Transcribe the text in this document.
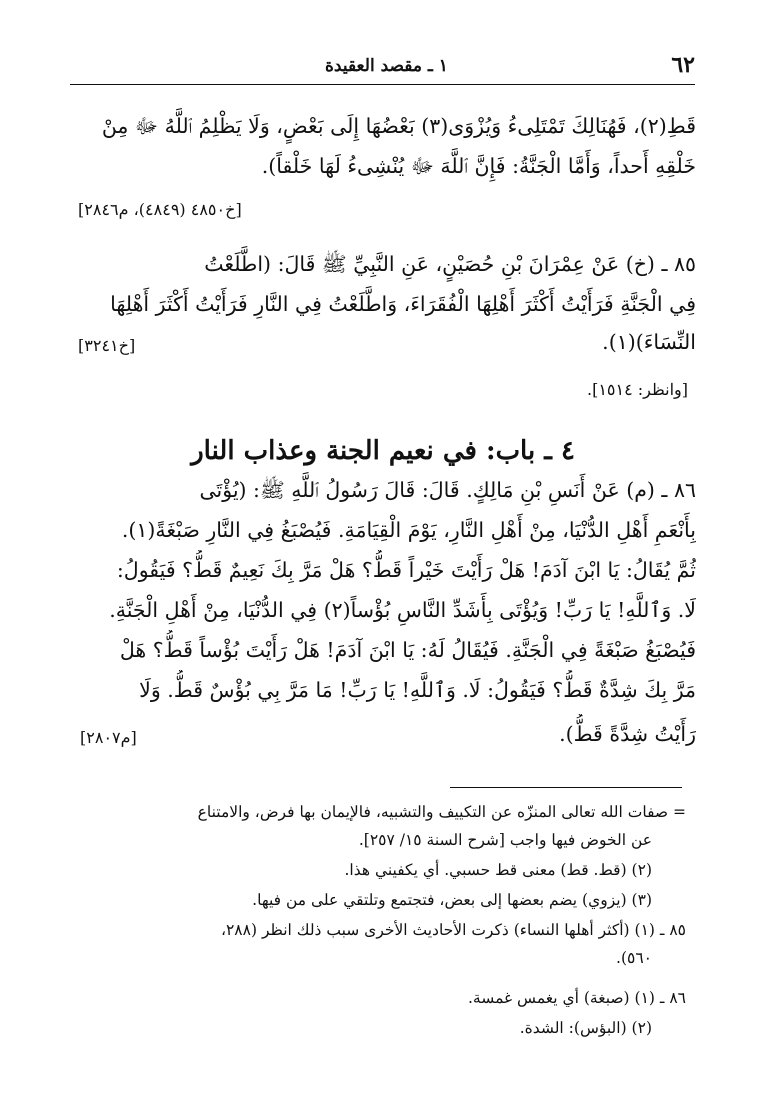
٦٢
١ ـ مقصد العقيدة
قَطِ(٢)، فَهُنَالِكَ تَمْتَلِىءُ وَيُزْوَى(٣) بَعْضُهَا إِلَى بَعْضٍ، وَلَا يَظْلِمُ ٱللَّهُ ﷻ مِنْ
خَلْقِهِ أَحداً، وَأَمَّا الْجَنَّةُ: فَإِنَّ ٱللَّهَ ﷻ يُنْشِىءُ لَهَا خَلْقاً).
[خ٤٨٥٠ (٤٨٤٩)، م٢٨٤٦]
٨٥ ـ (خ) عَنْ عِمْرَانَ بْنِ حُصَيْنٍ، عَنِ النَّبِيِّ ﷺ قَالَ: (اطَّلَعْتُ
فِي الْجَنَّةِ فَرَأَيْتُ أَكْثَرَ أَهْلِهَا الْفُقَرَاءَ، وَاطَّلَعْتُ فِي النَّارِ فَرَأَيْتُ أَكْثَرَ أَهْلِهَا
النِّسَاءَ)(١).
[خ٣٢٤١]
[وانظر: ١٥١٤].
٤ ـ باب: في نعيم الجنة وعذاب النار
٨٦ ـ (م) عَنْ أَنَسِ بْنِ مَالِكٍ. قَالَ: قَالَ رَسُولُ ٱللَّهِ ﷺ: (يُؤْتَى
بِأَنْعَمِ أَهْلِ الدُّنْيَا، مِنْ أَهْلِ النَّارِ، يَوْمَ الْقِيَامَةِ. فَيُصْبَغُ فِي النَّارِ صَبْغَةً(١).
ثُمَّ يُقَالُ: يَا ابْنَ آدَمَ! هَلْ رَأَيْتَ خَيْراً قَطُّ؟ هَلْ مَرَّ بِكَ نَعِيمٌ قَطُّ؟ فَيَقُولُ:
لَا. وَٱللَّهِ! يَا رَبِّ! وَيُؤْتَى بِأَشَدِّ النَّاسِ بُؤْساً(٢) فِي الدُّنْيَا، مِنْ أَهْلِ الْجَنَّةِ.
فَيُصْبَغُ صَبْغَةً فِي الْجَنَّةِ. فَيُقَالُ لَهُ: يَا ابْنَ آدَمَ! هَلْ رَأَيْتَ بُؤْساً قَطُّ؟ هَلْ
مَرَّ بِكَ شِدَّةٌ قَطُّ؟ فَيَقُولُ: لَا. وَٱللَّهِ! يَا رَبِّ! مَا مَرَّ بِي بُؤْسٌ قَطُّ. وَلَا
رَأَيْتُ شِدَّةً قَطُّ).
[م٢٨٠٧]
= صفات الله تعالى المنزّه عن التكييف والتشبيه، فالإيمان بها فرض، والامتناع
عن الخوض فيها واجب [شرح السنة ١٥/ ٢٥٧].
(٢) (قط. قط) معنى قط حسبي. أي يكفيني هذا.
(٣) (يزوي) يضم بعضها إلى بعض، فتجتمع وتلتقي على من فيها.
٨٥ ـ (١) (أكثر أهلها النساء) ذكرت الأحاديث الأخرى سبب ذلك انظر (٢٨٨،
٥٦٠).
٨٦ ـ (١) (صبغة) أي يغمس غمسة.
(٢) (البؤس): الشدة.
